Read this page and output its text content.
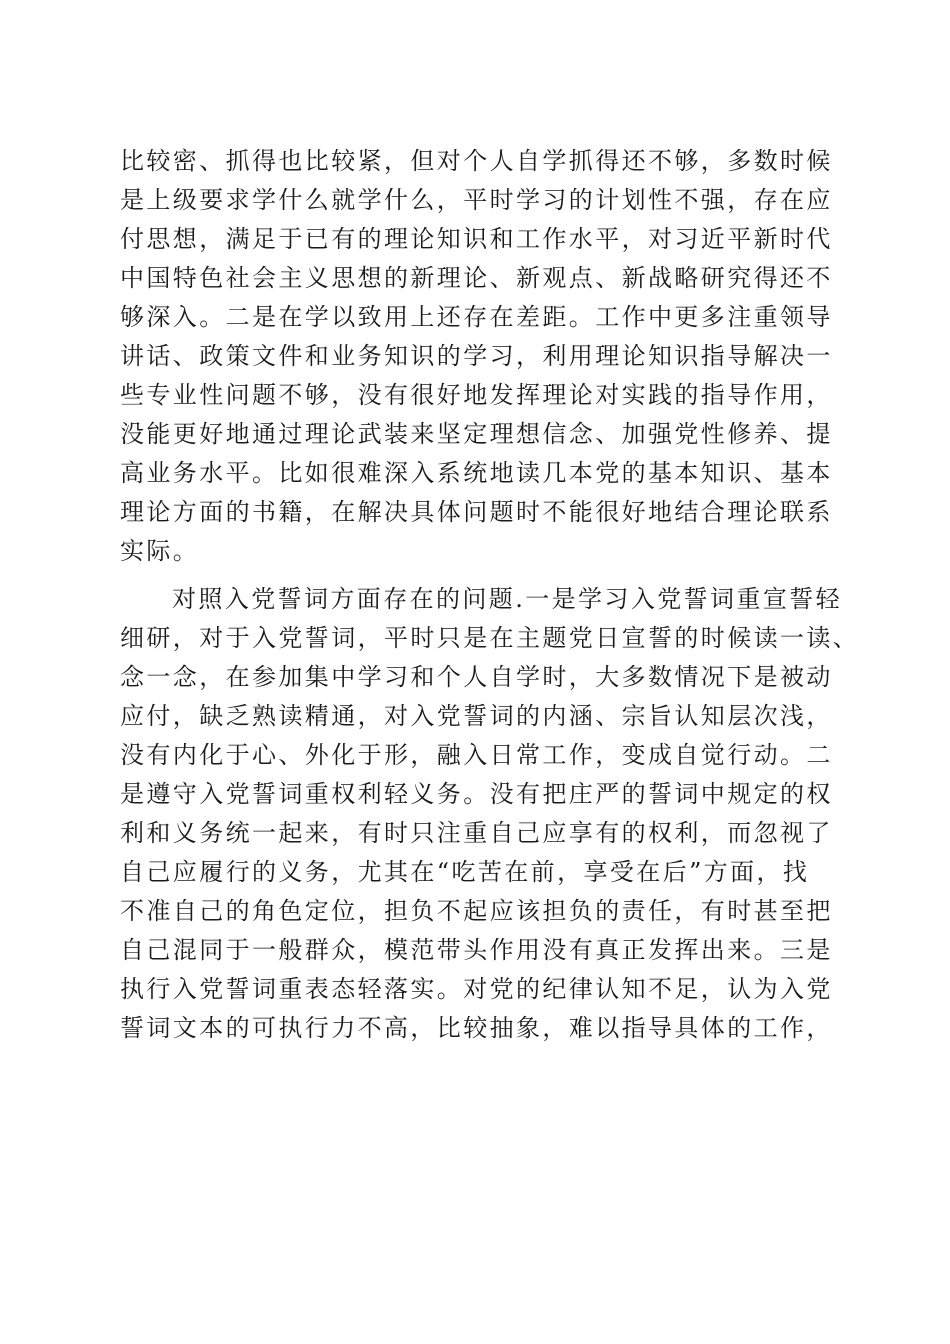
比较密、抓得也比较紧，但对个人自学抓得还不够，多数时候
是上级要求学什么就学什么，平时学习的计划性不强，存在应
付思想，满足于已有的理论知识和工作水平，对习近平新时代
中国特色社会主义思想的新理论、新观点、新战略研究得还不
够深入。二是在学以致用上还存在差距。工作中更多注重领导
讲话、政策文件和业务知识的学习，利用理论知识指导解决一
些专业性问题不够，没有很好地发挥理论对实践的指导作用，
没能更好地通过理论武装来坚定理想信念、加强党性修养、提
高业务水平。比如很难深入系统地读几本党的基本知识、基本
理论方面的书籍，在解决具体问题时不能很好地结合理论联系
实际。
对照入党誓词方面存在的问题.一是学习入党誓词重宣誓轻
细研，对于入党誓词，平时只是在主题党日宣誓的时候读一读、
念一念，在参加集中学习和个人自学时，大多数情况下是被动
应付，缺乏熟读精通，对入党誓词的内涵、宗旨认知层次浅，
没有内化于心、外化于形，融入日常工作，变成自觉行动。二
是遵守入党誓词重权利轻义务。没有把庄严的誓词中规定的权
利和义务统一起来，有时只注重自己应享有的权利，而忽视了
自己应履行的义务，尤其在“吃苦在前，享受在后”方面，找
不准自己的角色定位，担负不起应该担负的责任，有时甚至把
自己混同于一般群众，模范带头作用没有真正发挥出来。三是
执行入党誓词重表态轻落实。对党的纪律认知不足，认为入党
誓词文本的可执行力不高，比较抽象，难以指导具体的工作，
